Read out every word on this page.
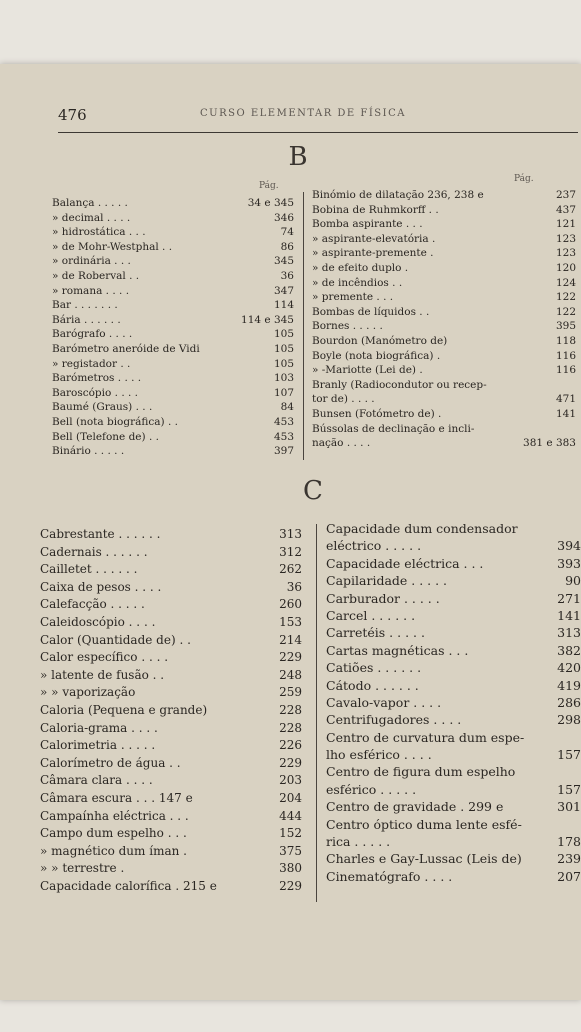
476	CURSO ELEMENTAR DE FÍSICA
B
Pág.
Pág.
Balança . . . . .	34 e 345
» decimal . . . .	346
» hidrostática . . .	74
» de Mohr-Westphal . .	86
» ordinária . . .	345
» de Roberval . .	36
» romana . . . .	347
Bar . . . . . . .	114
Bária . . . . . .	114 e 345
Barógrafo . . . .	105
Barómetro aneróide de Vidi	105
» registador . .	105
Barómetros . . . .	103
Baroscópio . . . .	107
Baumé (Graus) . . .	84
Bell (nota biográfica) . .	453
Bell (Telefone de) . .	453
Binário . . . . .	397
Binómio de dilatação 236, 238 e	237
Bobina de Ruhmkorff . .	437
Bomba aspirante . . .	121
» aspirante-elevatória .	123
» aspirante-premente .	123
» de efeito duplo .	120
» de incêndios . .	124
» premente . . .	122
Bombas de líquidos . .	122
Bornes . . . . .	395
Bourdon (Manómetro de)	118
Boyle (nota biográfica) .	116
» -Mariotte (Lei de) .	116
Branly (Radiocondutor ou recep-
tor de) . . . .	471
Bunsen (Fotómetro de) .	141
Bússolas de declinação e incli-
nação . . . .	381 e 383
C
Cabrestante . . . . . .	313
Cadernais . . . . . .	312
Cailletet . . . . . .	262
Caixa de pesos . . . .	36
Calefacção . . . . .	260
Caleidoscópio . . . .	153
Calor (Quantidade de) . .	214
Calor específico . . . .	229
» latente de fusão . .	248
» » vaporização	259
Caloria (Pequena e grande)	228
Caloria-grama . . . .	228
Calorimetria . . . . .	226
Calorímetro de água . .	229
Câmara clara . . . .	203
Câmara escura . . . 147 e	204
Campaínha eléctrica . . .	444
Campo dum espelho . . .	152
» magnético dum íman .	375
» » terrestre .	380
Capacidade calorífica . 215 e	229
Capacidade dum condensador
eléctrico . . . . .	394
Capacidade eléctrica . . .	393
Capilaridade . . . . .	90
Carburador . . . . .	271
Carcel . . . . . .	141
Carretéis . . . . .	313
Cartas magnéticas . . .	382
Catiões . . . . . .	420
Cátodo . . . . . .	419
Cavalo-vapor . . . .	286
Centrifugadores . . . .	298
Centro de curvatura dum espe-
lho esférico . . . .	157
Centro de figura dum espelho
esférico . . . . .	157
Centro de gravidade . 299 e	301
Centro óptico duma lente esfé-
rica . . . . .	178
Charles e Gay-Lussac (Leis de)	239
Cinematógrafo . . . .	207
